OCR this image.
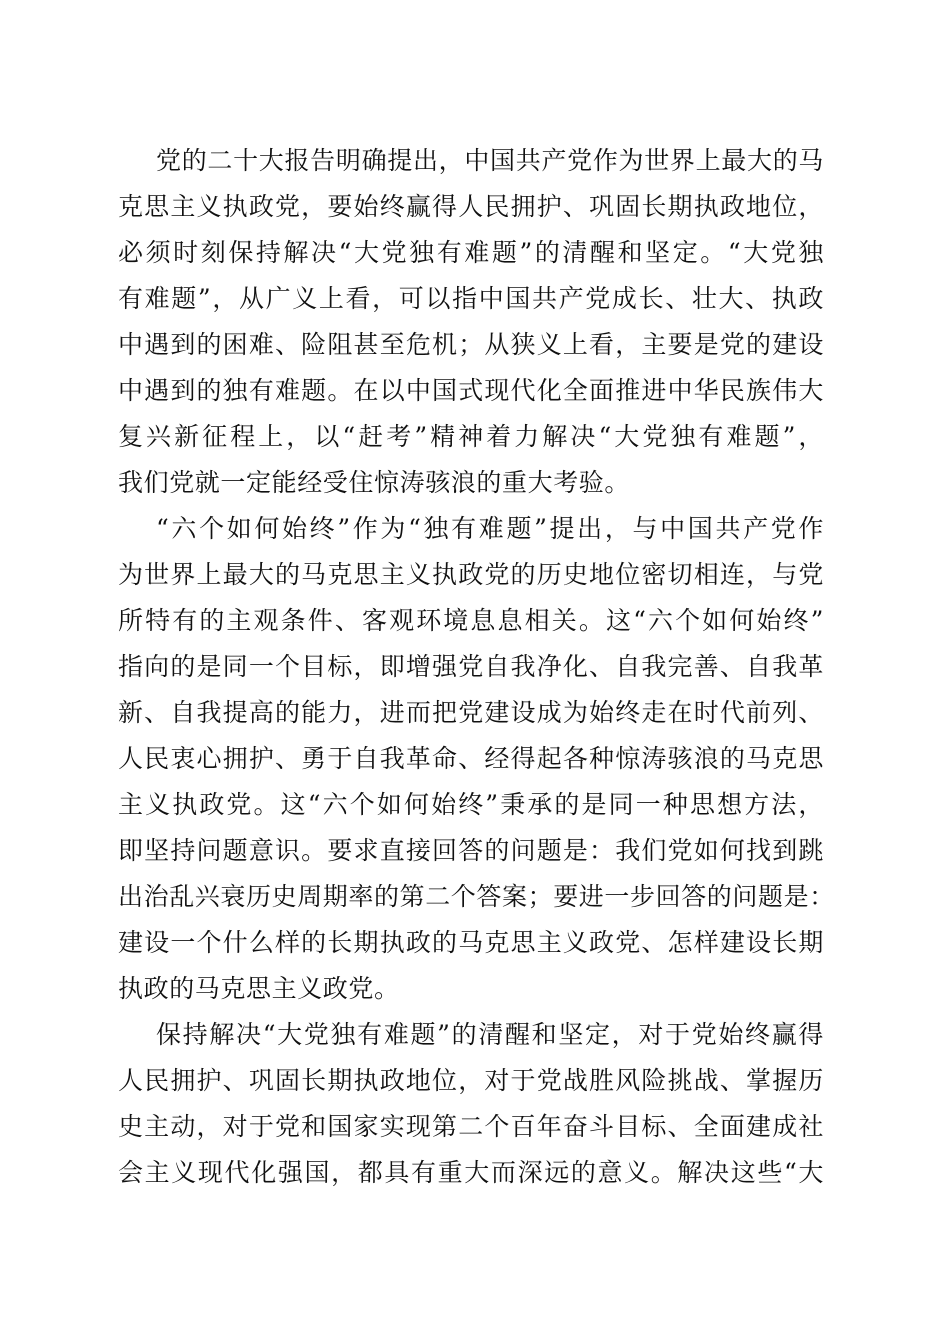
党的二十大报告明确提出，中国共产党作为世界上最大的马
克思主义执政党，要始终赢得人民拥护、巩固长期执政地位，
必须时刻保持解决“大党独有难题”的清醒和坚定。“大党独
有难题”，从广义上看，可以指中国共产党成长、壮大、执政
中遇到的困难、险阻甚至危机；从狭义上看，主要是党的建设
中遇到的独有难题。在以中国式现代化全面推进中华民族伟大
复兴新征程上，以“赶考”精神着力解决“大党独有难题”，
我们党就一定能经受住惊涛骇浪的重大考验。
“六个如何始终”作为“独有难题”提出，与中国共产党作
为世界上最大的马克思主义执政党的历史地位密切相连，与党
所特有的主观条件、客观环境息息相关。这“六个如何始终”
指向的是同一个目标，即增强党自我净化、自我完善、自我革
新、自我提高的能力，进而把党建设成为始终走在时代前列、
人民衷心拥护、勇于自我革命、经得起各种惊涛骇浪的马克思
主义执政党。这“六个如何始终”秉承的是同一种思想方法，
即坚持问题意识。要求直接回答的问题是：我们党如何找到跳
出治乱兴衰历史周期率的第二个答案；要进一步回答的问题是：
建设一个什么样的长期执政的马克思主义政党、怎样建设长期
执政的马克思主义政党。
保持解决“大党独有难题”的清醒和坚定，对于党始终赢得
人民拥护、巩固长期执政地位，对于党战胜风险挑战、掌握历
史主动，对于党和国家实现第二个百年奋斗目标、全面建成社
会主义现代化强国，都具有重大而深远的意义。解决这些“大
